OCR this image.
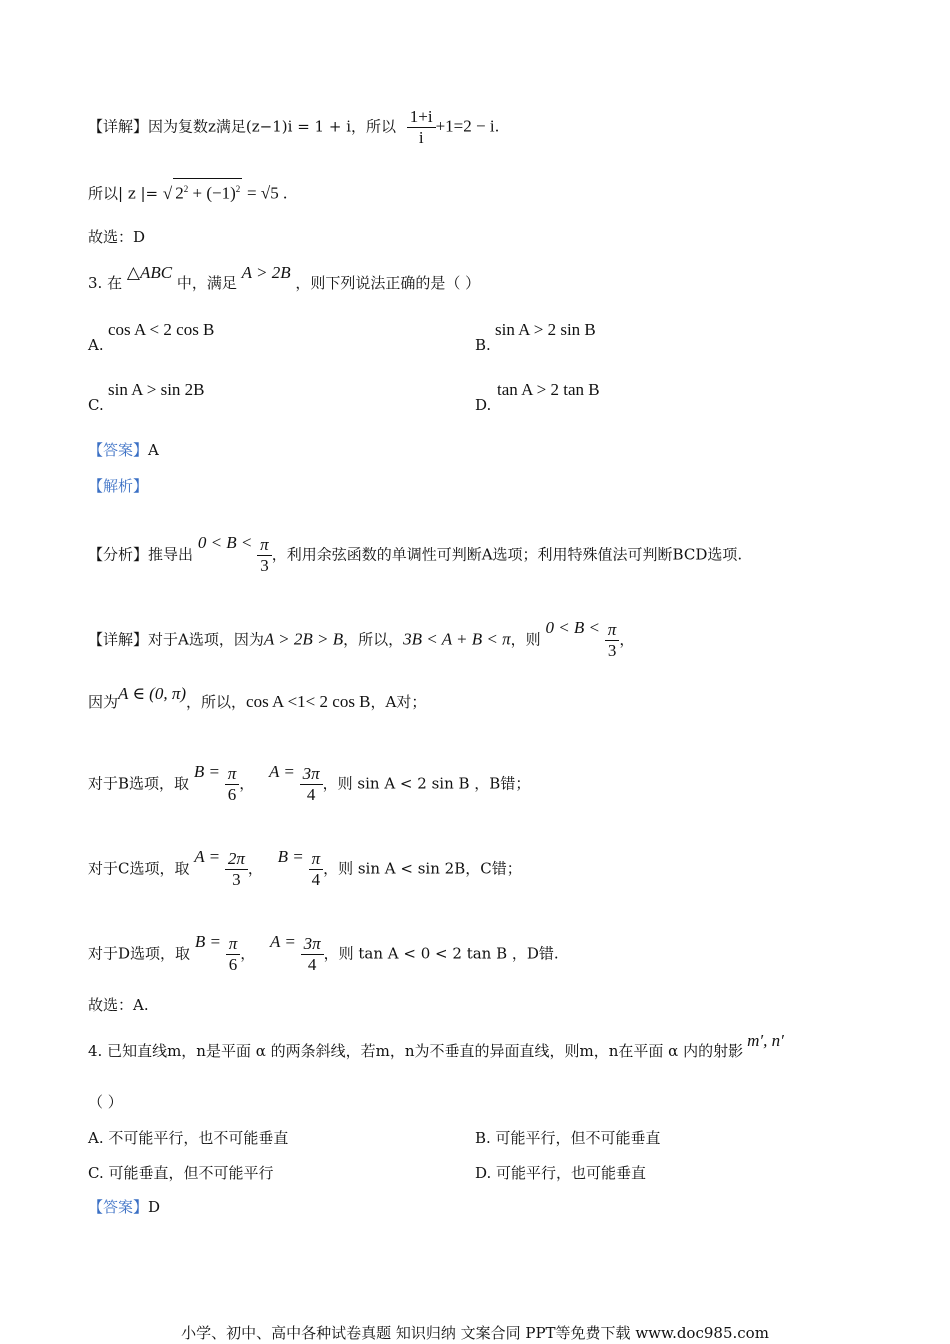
【详解】因为复数z满足(z−1)i = 1 + i，所以 $\frac{1+i}{i} +1=2 - i$.
所以| z |= √ $2^2 + (-1)^2 = √5$ .
故选：D
3. 在 △ABC 中，满足 A > 2B ，则下列说法正确的是（ ）
A.
cos A < 2 cos B
B.
sin A > 2 sin B
C.
sin A > sin 2B
D.
tan A > 2 tan B
【答案】A
【解析】
【分析】推导出 $0 < B < \frac{\pi}{3}$ ，利用余弦函数的单调性可判断A选项；利用特殊值法可判断BCD选项.
【详解】对于A选项，因为A > 2B > B，所以，3B < A + B < π，则 $0 < B < \frac{\pi}{3}$ ，
因为A ∈ (0, π)，所以，cos A <1< 2 cos B，A对；
对于B选项，取 $B = \frac{\pi}{6}$ ， $A = \frac{3\pi}{4}$ ，则 sin A < 2 sin B ，B错；
对于C选项，取 $A = \frac{2\pi}{3}$ ， $B = \frac{\pi}{4}$ ，则 sin A < sin 2B，C错；
对于D选项，取 $B = \frac{\pi}{6}$ ， $A = \frac{3\pi}{4}$ ，则 tan A < 0 < 2 tan B ，D错.
故选：A.
4. 已知直线m，n是平面 α 的两条斜线，若m，n为不垂直的异面直线，则m，n在平面 α 内的射影m′, n′
（ ）
A. 不可能平行，也不可能垂直	B. 可能平行，但不可能垂直
C. 可能垂直，但不可能平行	D. 可能平行，也可能垂直
【答案】D
小学、初中、高中各种试卷真题 知识归纳 文案合同 PPT等免费下载 www.doc985.com
